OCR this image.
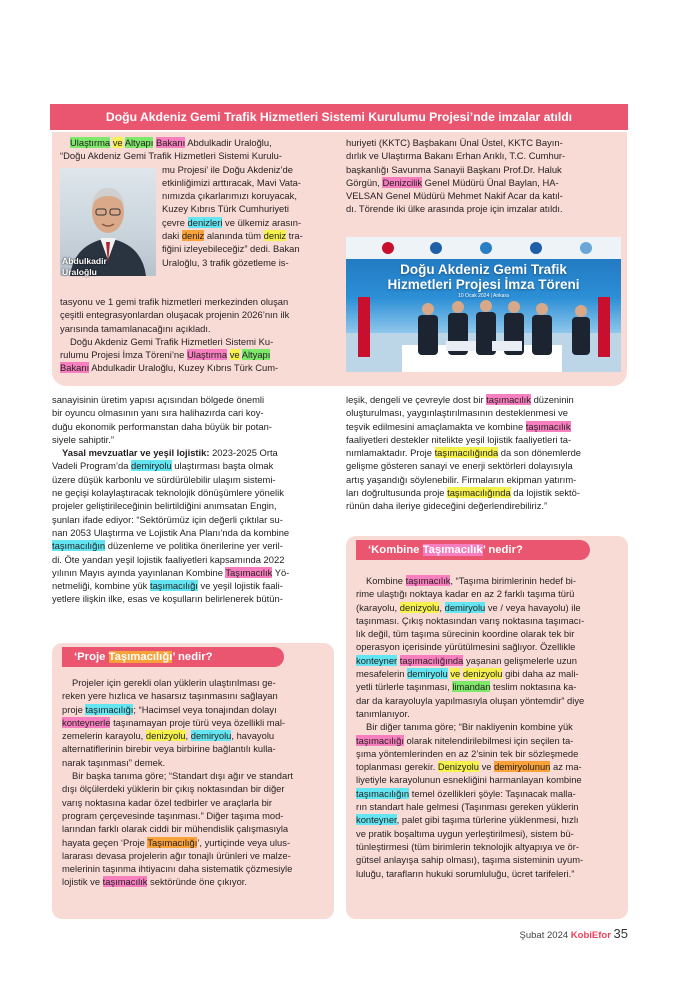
Doğu Akdeniz Gemi Trafik Hizmetleri Sistemi Kurulumu Projesi’nde imzalar atıldı
Abdulkadir
Uraloğlu

Ulaştırma ve Altyapı Bakanı Abdulkadir Uraloğlu,

“Doğu Akdeniz Gemi Trafik Hizmetleri Sistemi Kurulu-

mu Projesi’ ile Doğu Akdeniz’de

etkinliğimizi arttıracak, Mavi Vata-

nımızda çıkarlarımızı koruyacak,

Kuzey Kıbrıs Türk Cumhuriyeti

çevre denizleri ve ülkemiz arasın-

daki deniz alanında tüm deniz tra-

fiğini izleyebileceğiz” dedi. Bakan

Uraloğlu, 3 trafik gözetleme is-

tasyonu ve 1 gemi trafik hizmetleri merkezinden oluşan

çeşitli entegrasyonlardan oluşacak projenin 2026’nın ilk

yarısında tamamlanacağını açıkladı.

Doğu Akdeniz Gemi Trafik Hizmetleri Sistemi Ku-

rulumu Projesi İmza Töreni’ne Ulaştırma ve Altyapı

Bakanı Abdulkadir Uraloğlu, Kuzey Kıbrıs Türk Cum-

huriyeti (KKTC) Başbakanı Ünal Üstel, KKTC Bayın-

dırlık ve Ulaştırma Bakanı Erhan Arıklı, T.C. Cumhur-

başkanlığı Savunma Sanayii Başkanı Prof.Dr. Haluk

Görgün, Denizcilik Genel Müdürü Ünal Baylan, HA-

VELSAN Genel Müdürü Mehmet Nakif Acar da katıl-

dı. Törende iki ülke arasında proje için imzalar atıldı.

Doğu Akdeniz Gemi Trafik
Hizmetleri Projesi İmza Töreni
10 Ocak 2024 | Ankara

sanayisinin üretim yapısı açısından bölgede önemli

bir oyuncu olmasının yanı sıra halihazırda cari koy-

duğu ekonomik performanstan daha büyük bir potan-

siyele sahiptir.”

Yasal mevzuatlar ve yeşil lojistik: 2023-2025 Orta

Vadeli Program’da demiryolu ulaştırması başta olmak

üzere düşük karbonlu ve sürdürülebilir ulaşım sistemi-

ne geçişi kolaylaştıracak teknolojik dönüşümlere yönelik

projeler geliştirileceğinin belirtildiğini anımsatan Engin,

şunları ifade ediyor: “Sektörümüz için değerli çıktılar su-

nan 2053 Ulaştırma ve Lojistik Ana Planı’nda da kombine

taşımacılığın düzenleme ve politika önerilerine yer veril-

di. Öte yandan yeşil lojistik faaliyetleri kapsamında 2022

yılının Mayıs ayında yayınlanan Kombine Taşımacılık Yö-

netmeliği, kombine yük taşımacılığı ve yeşil lojistik faali-

yetlere ilişkin ilke, esas ve koşulların belirlenerek bütün-

‘Proje Taşımacılığı’ nedir?

Projeler için gerekli olan yüklerin ulaştırılması ge-

reken yere hızlıca ve hasarsız taşınmasını sağlayan

proje taşımacılığı; “Hacimsel veya tonajından dolayı

konteynerle taşınamayan proje türü veya özellikli mal-

zemelerin karayolu, denizyolu, demiryolu, havayolu

alternatiflerinin birebir veya birbirine bağlantılı kulla-

narak taşınması” demek.

Bir başka tanıma göre; “Standart dışı ağır ve standart

dışı ölçülerdeki yüklerin bir çıkış noktasından bir diğer

varış noktasına kadar özel tedbirler ve araçlarla bir

program çerçevesinde taşınması.” Diğer taşıma mod-

larından farklı olarak ciddi bir mühendislik çalışmasıyla

hayata geçen ‘Proje Taşımacılığı’, yurtiçinde veya ulus-

lararası devasa projelerin ağır tonajlı ürünleri ve malze-

melerinin taşınma ihtiyacını daha sistematik çözmesiyle

lojistik ve taşımacılık sektöründe öne çıkıyor.

leşik, dengeli ve çevreyle dost bir taşımacılık düzeninin

oluşturulması, yaygınlaştırılmasının desteklenmesi ve

teşvik edilmesini amaçlamakta ve kombine taşımacılık

faaliyetleri destekler nitelikte yeşil lojistik faaliyetleri ta-

nımlamaktadır. Proje taşımacılığında da son dönemlerde

gelişme gösteren sanayi ve enerji sektörleri dolayısıyla

artış yaşandığı söylenebilir. Firmaların ekipman yatırım-

ları doğrultusunda proje taşımacılığında da lojistik sektö-

rünün daha ileriye gideceğini değerlendirebiliriz.”

‘Kombine Taşımacılık’ nedir?

Kombine taşımacılık, “Taşıma birimlerinin hedef bi-

rime ulaştığı noktaya kadar en az 2 farklı taşıma türü

(karayolu, denizyolu, demiryolu ve / veya havayolu) ile

taşınması. Çıkış noktasından varış noktasına taşımacı-

lık değil, tüm taşıma sürecinin koordine olarak tek bir

operasyon içerisinde yürütülmesini sağlıyor. Özellikle

konteyner taşımacılığında yaşanan gelişmelerle uzun

mesafelerin demiryolu ve denizyolu gibi daha az mali-

yetli türlerle taşınması, limandan teslim noktasına ka-

dar da karayoluyla yapılmasıyla oluşan yöntemdir” diye

tanımlanıyor.

Bir diğer tanıma göre; “Bir nakliyenin kombine yük

taşımacılığı olarak nitelendirilebilmesi için seçilen ta-

şıma yöntemlerinden en az 2’sinin tek bir sözleşmede

toplanması gerekir. Denizyolu ve demiryolunun az ma-

liyetiyle karayolunun esnekliğini harmanlayan kombine

taşımacılığın temel özellikleri şöyle: Taşınacak malla-

rın standart hale gelmesi (Taşınması gereken yüklerin

konteyner, palet gibi taşıma türlerine yüklenmesi, hızlı

ve pratik boşaltıma uygun yerleştirilmesi), sistem bü-

tünleştirmesi (tüm birimlerin teknolojik altyapıya ve ör-

gütsel anlayışa sahip olması), taşıma sisteminin uyum-

luluğu, tarafların hukuki sorumluluğu, ücret tarifeleri.”

Şubat 2024 KobiEfor 35
